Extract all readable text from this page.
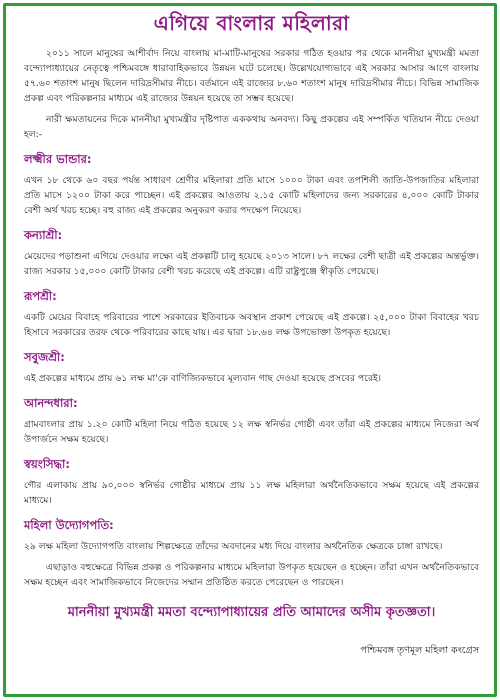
এগিয়ে বাংলার মহিলারা

২০১১ সালে মানুষের আশীর্বাদ নিয়ে বাংলায় মা-মাটি-মানুষের সরকার গঠিত হওয়ার পর থেকে মাননীয়া মুখ্যমন্ত্রী মমতা বন্দ্যোপাধ্যায়ের নেতৃত্বে পশ্চিমবঙ্গে ধারাবাহিকভাবে উন্নয়ন ঘটে চলেছে। উল্লেখযোগ্যভাবে এই সরকার আসার আগে বাংলায় ৫৭.৬০ শতাংশ মানুষ ছিলেন দারিদ্রসীমার নীচে। বর্তমানে এই রাজ্যের ৮.৬০ শতাংশ মানুষ দারিদ্রসীমার নীচে। বিভিন্ন সামাজিক প্রকল্প এবং পরিকল্পনার মাধ্যমে এই রাজ্যের উন্নয়ন হয়েছে তা সম্ভব হয়েছে।

নারী ক্ষমতায়নের দিকে মাননীয়া মুখ্যমন্ত্রীর দৃষ্টিপাত এককথায় অনবদ্য। কিছু প্রকল্পের এই সম্পর্কিত খতিয়ান নীচে দেওয়া হল:-

লক্ষ্মীর ভান্ডার:

এখন ১৮ থেকে ৬০ বছর পর্যন্ত সাধারণ শ্রেণীর মহিলারা প্রতি মাসে ১০০০ টাকা এবং তপশিলী জাতি-উপজাতির মহিলারা প্রতি মাসে ১২০০ টাকা করে পাচ্ছেন। এই প্রকল্পের আওতায় ২.১৫ কোটি মহিলাদের জন্য সরকারের ৪,০০০ কোটি টাকার বেশী অর্থ খরচ হচ্ছে। বহু রাজ্য এই প্রকল্পের অনুকরণ করার পদক্ষেপ নিয়েছে।

কন্যাশ্রী:

মেয়েদের পড়াশুনা এগিয়ে দেওয়ার লক্ষ্যে এই প্রকল্পটি চালু হয়েছে ২০১৩ সালে। ৮৭ লক্ষের বেশী ছাত্রী এই প্রকল্পের অন্তর্ভুক্ত। রাজ্য সরকার ১৫,০০০ কোটি টাকার বেশী খরচ করেছে এই প্রকল্পে। এটি রাষ্ট্রপুঞ্জে স্বীকৃতি পেয়েছে।

রূপশ্রী:

একটি মেয়ের বিবাহে পরিবারের পাশে সরকারের ইতিবাচক অবস্থান প্রকাশ পেয়েছে এই প্রকল্পে। ২৫,০০০ টাকা বিবাহের খরচ হিসাবে সরকারের তরফ থেকে পরিবারের কাছে যায়। এর দ্বারা ১৮.৬৪ লক্ষ উপভোক্তা উপকৃত হয়েছে।

সবুজশ্রী:

এই প্রকল্পের মাধ্যমে প্রায় ৬১ লক্ষ মা'কে বাণিজ্যিকভাবে মূল্যবান গাছ দেওয়া হয়েছে প্রসবের পরেই।

আনন্দধারা:

গ্রামবাংলার প্রায় ১.২০ কোটি মহিলা নিয়ে গঠিত হয়েছে ১২ লক্ষ স্বনির্ভর গোষ্ঠী এবং তাঁরা এই প্রকল্পের মাধ্যমে নিজেরা অর্থ উপার্জনে সক্ষম হয়েছে।

স্বয়ংসিদ্ধা:

গৌর এলাকায় প্রায় ৯০,০০০ স্বনির্ভর গোষ্ঠীর মাধ্যমে প্রায় ১১ লক্ষ মহিলারা অর্থনৈতিকভাবে সক্ষম হয়েছে এই প্রকল্পের মাধ্যমে।

মহিলা উদ্যোগপতি:

২৯ লক্ষ মহিলা উদ্যোগপতি বাংলায় শিল্পক্ষেত্রে তাঁদের অবদানের মধ্য দিয়ে বাংলার অর্থনৈতিক ক্ষেত্রকে চাঙ্গা রাখছে।

এছাড়াও বহুক্ষেত্রে বিভিন্ন প্রকল্প ও পরিকল্পনার মাধ্যমে মহিলারা উপকৃত হয়েছেন ও হচ্ছেন। তাঁরা এখন অর্থনৈতিকভাবে সক্ষম হচ্ছেন এবং সামাজিকভাবে নিজেদের সম্মান প্রতিষ্ঠিত করতে পেরেছেন ও পারছেন।

মাননীয়া মুখ্যমন্ত্রী মমতা বন্দ্যোপাধ্যায়ের প্রতি আমাদের অসীম কৃতজ্ঞতা।
পশ্চিমবঙ্গ তৃণমূল মহিলা কংগ্রেস
